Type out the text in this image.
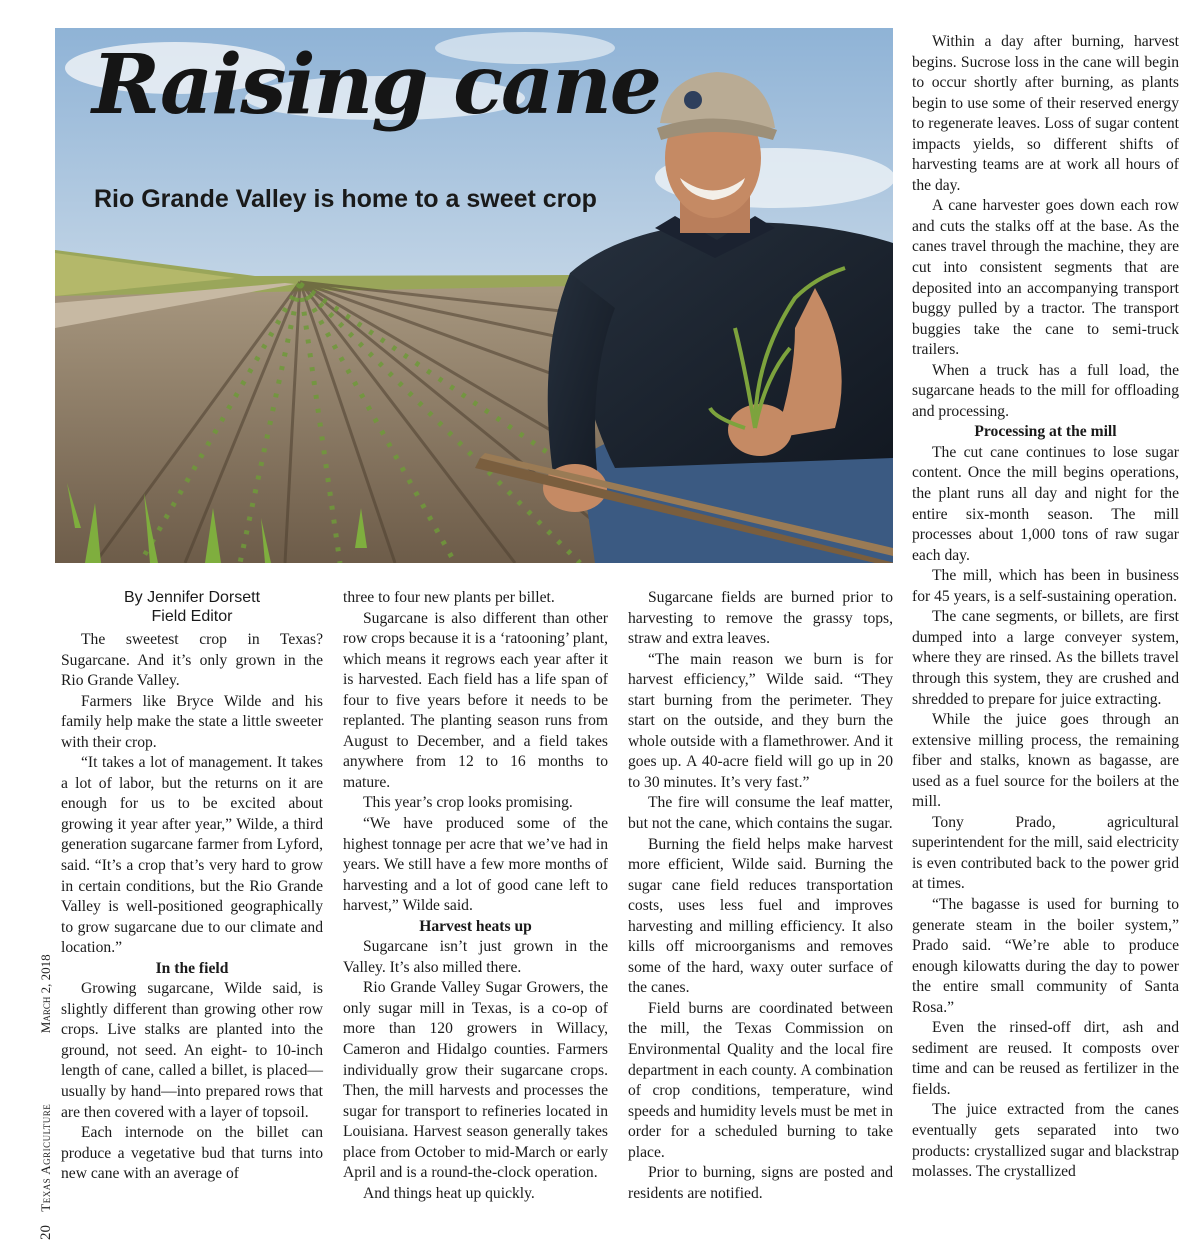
Raising cane
Rio Grande Valley is home to a sweet crop
By Jennifer Dorsett
Field Editor

The sweetest crop in Texas? Sugarcane. And it’s only grown in the Rio Grande Valley.

Farmers like Bryce Wilde and his family help make the state a little sweeter with their crop.

“It takes a lot of management. It takes a lot of labor, but the returns on it are enough for us to be excited about growing it year after year,” Wilde, a third generation sugarcane farmer from Lyford, said. “It’s a crop that’s very hard to grow in certain conditions, but the Rio Grande Valley is well-positioned geographically to grow sugarcane due to our climate and location.”

In the field

Growing sugarcane, Wilde said, is slightly different than growing other row crops. Live stalks are planted into the ground, not seed. An eight- to 10-inch length of cane, called a billet, is placed—usually by hand—into prepared rows that are then covered with a layer of topsoil.

Each internode on the billet can produce a vegetative bud that turns into new cane with an average of

three to four new plants per billet.

Sugarcane is also different than other row crops because it is a ‘ratooning’ plant, which means it regrows each year after it is harvested. Each field has a life span of four to five years before it needs to be replanted. The planting season runs from August to December, and a field takes anywhere from 12 to 16 months to mature.

This year’s crop looks promising.

“We have produced some of the highest tonnage per acre that we’ve had in years. We still have a few more months of harvesting and a lot of good cane left to harvest,” Wilde said.

Harvest heats up

Sugarcane isn’t just grown in the Valley. It’s also milled there.

Rio Grande Valley Sugar Growers, the only sugar mill in Texas, is a co-op of more than 120 growers in Willacy, Cameron and Hidalgo counties. Farmers individually grow their sugarcane crops. Then, the mill harvests and processes the sugar for transport to refineries located in Louisiana. Harvest season generally takes place from October to mid-March or early April and is a round-the-clock operation.

And things heat up quickly.

Sugarcane fields are burned prior to harvesting to remove the grassy tops, straw and extra leaves.

“The main reason we burn is for harvest efficiency,” Wilde said. “They start burning from the perimeter. They start on the outside, and they burn the whole outside with a flamethrower. And it goes up. A 40-acre field will go up in 20 to 30 minutes. It’s very fast.”

The fire will consume the leaf matter, but not the cane, which contains the sugar.

Burning the field helps make harvest more efficient, Wilde said. Burning the sugar cane field reduces transportation costs, uses less fuel and improves harvesting and milling efficiency. It also kills off microorganisms and removes some of the hard, waxy outer surface of the canes.

Field burns are coordinated between the mill, the Texas Commission on Environmental Quality and the local fire department in each county. A combination of crop conditions, temperature, wind speeds and humidity levels must be met in order for a scheduled burning to take place.

Prior to burning, signs are posted and residents are notified.

Within a day after burning, harvest begins. Sucrose loss in the cane will begin to occur shortly after burning, as plants begin to use some of their reserved energy to regenerate leaves. Loss of sugar content impacts yields, so different shifts of harvesting teams are at work all hours of the day.

A cane harvester goes down each row and cuts the stalks off at the base. As the canes travel through the machine, they are cut into consistent segments that are deposited into an accompanying transport buggy pulled by a tractor. The transport buggies take the cane to semi-truck trailers.

When a truck has a full load, the sugarcane heads to the mill for offloading and processing.

Processing at the mill

The cut cane continues to lose sugar content. Once the mill begins operations, the plant runs all day and night for the entire six-month season. The mill processes about 1,000 tons of raw sugar each day.

The mill, which has been in business for 45 years, is a self-sustaining operation.

The cane segments, or billets, are first dumped into a large conveyer system, where they are rinsed. As the billets travel through this system, they are crushed and shredded to prepare for juice extracting.

While the juice goes through an extensive milling process, the remaining fiber and stalks, known as bagasse, are used as a fuel source for the boilers at the mill.

Tony Prado, agricultural superintendent for the mill, said electricity is even contributed back to the power grid at times.

“The bagasse is used for burning to generate steam in the boiler system,” Prado said. “We’re able to produce enough kilowatts during the day to power the entire small community of Santa Rosa.”

Even the rinsed-off dirt, ash and sediment are reused. It composts over time and can be reused as fertilizer in the fields.

The juice extracted from the canes eventually gets separated into two products: crystallized sugar and blackstrap molasses. The crystallized

20 Texas Agriculture  March 2, 2018
